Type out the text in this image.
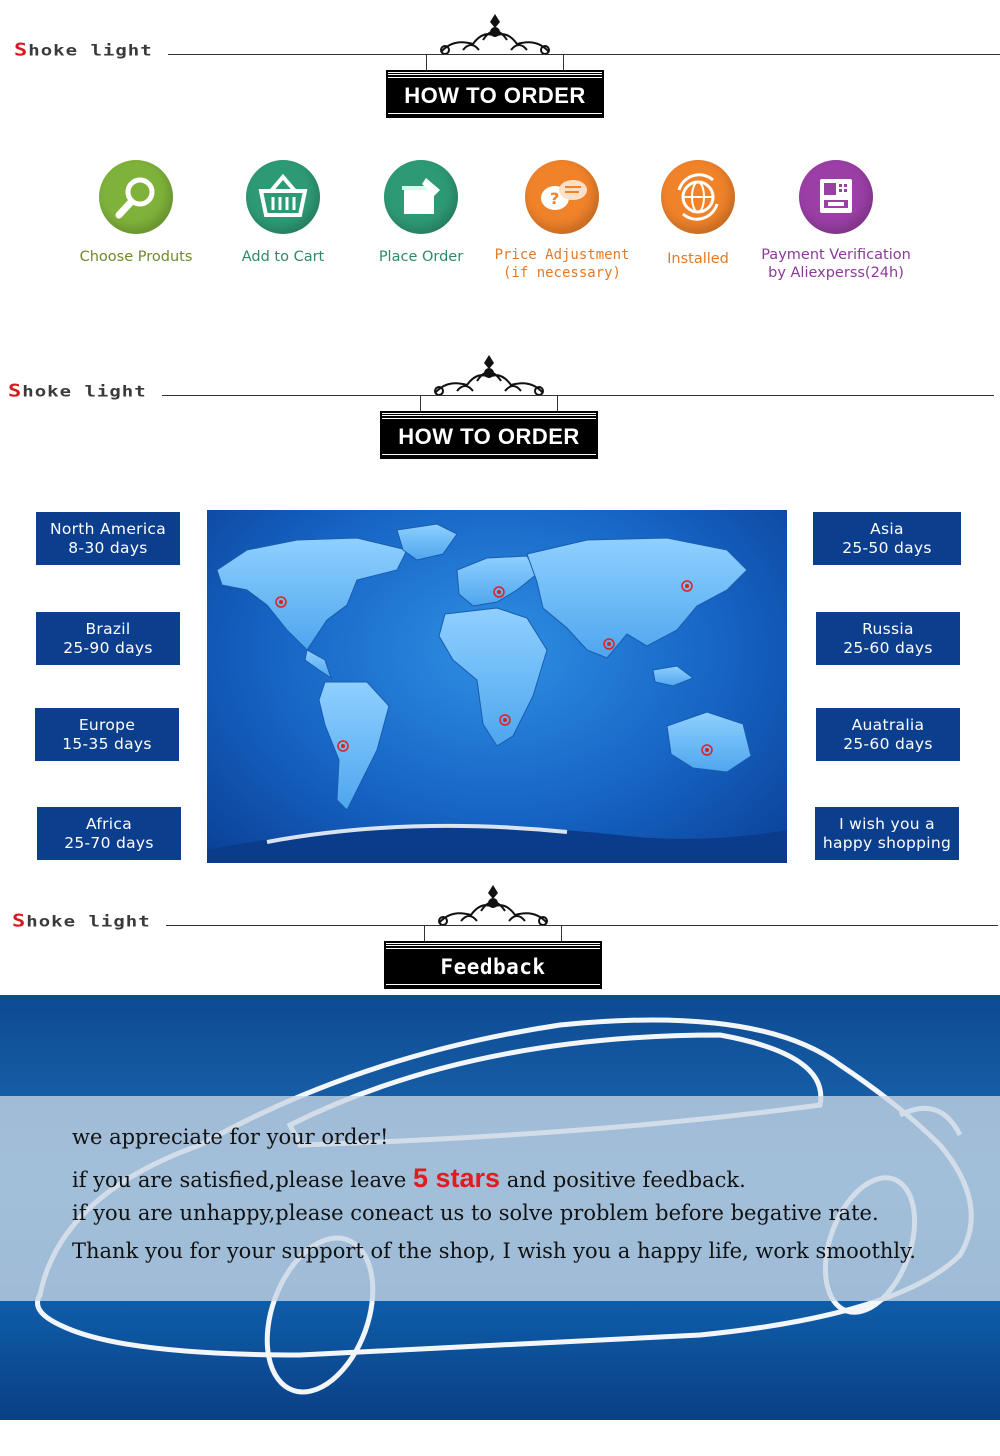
Shoke light
HOW TO ORDER
Choose Produts	Add to Cart	Place Order
?
Price Adjustment
(if necessary)
Installed	Payment Verification
by Aliexperss(24h)
Shoke light
HOW TO ORDER
North America
8-30 days
Brazil
25-90 days
Europe
15-35 days
Africa
25-70 days
Asia
25-50 days
Russia
25-60 days
Auatralia
25-60 days
I wish you a
happy shopping
Shoke light
Feedback
we appreciate for your order!
if you are satisfied,please leave 5 stars and positive feedback.
if you are unhappy,please coneact us to solve problem before begative rate.
Thank you for your support of the shop, I wish you a happy life, work smoothly.
